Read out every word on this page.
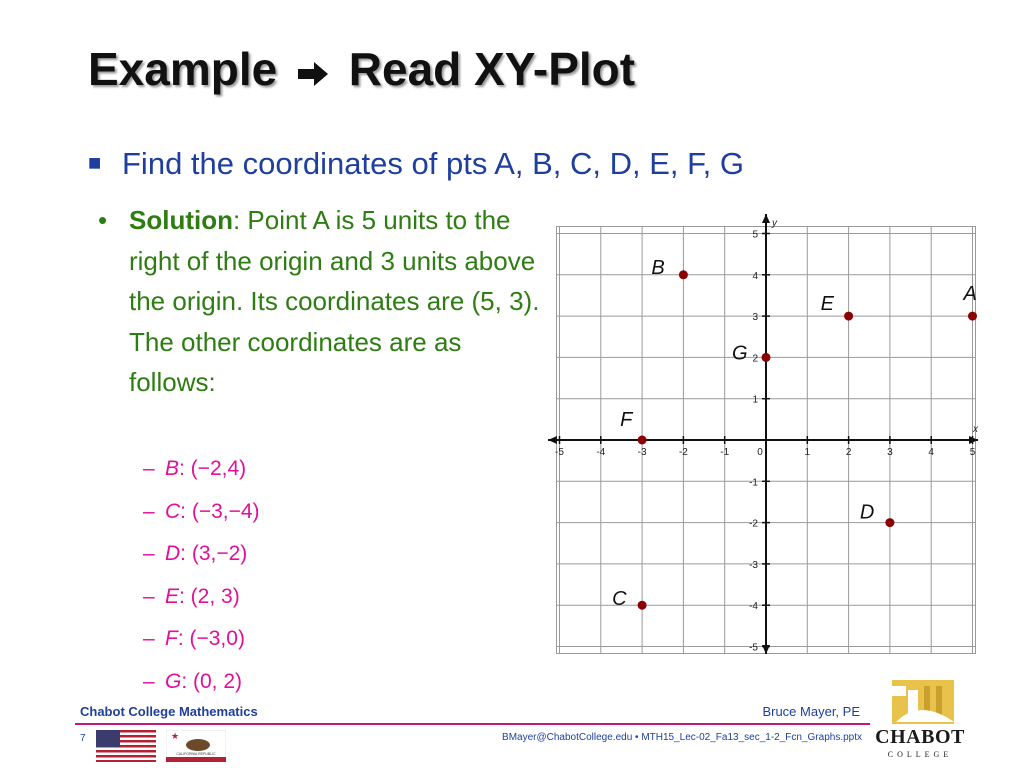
Example Read XY-Plot
■ Find the coordinates of pts A, B, C, D, E, F, G
• Solution: Point A is 5 units to the right of the origin and 3 units above the origin. Its coordinates are (5, 3). The other coordinates are as follows:
– B: (−2,4)
– C: (−3,−4)
– D: (3,−2)
– E: (2, 3)
– F: (−3,0)
– G: (0, 2)
x
y
-5	-4	-3	-2	-1	0	1	2	3	4	5
-5
-4
-3
-2
-1
1
2
3
4
5
A
B
C
D
E
F
G
Chabot College Mathematics	Bruce Mayer, PE
7	BMayer@ChabotCollege.edu • MTH15_Lec-02_Fa13_sec_1-2_Fcn_Graphs.pptx
★
CALIFORNIA REPUBLIC
CHABOT
COLLEGE
